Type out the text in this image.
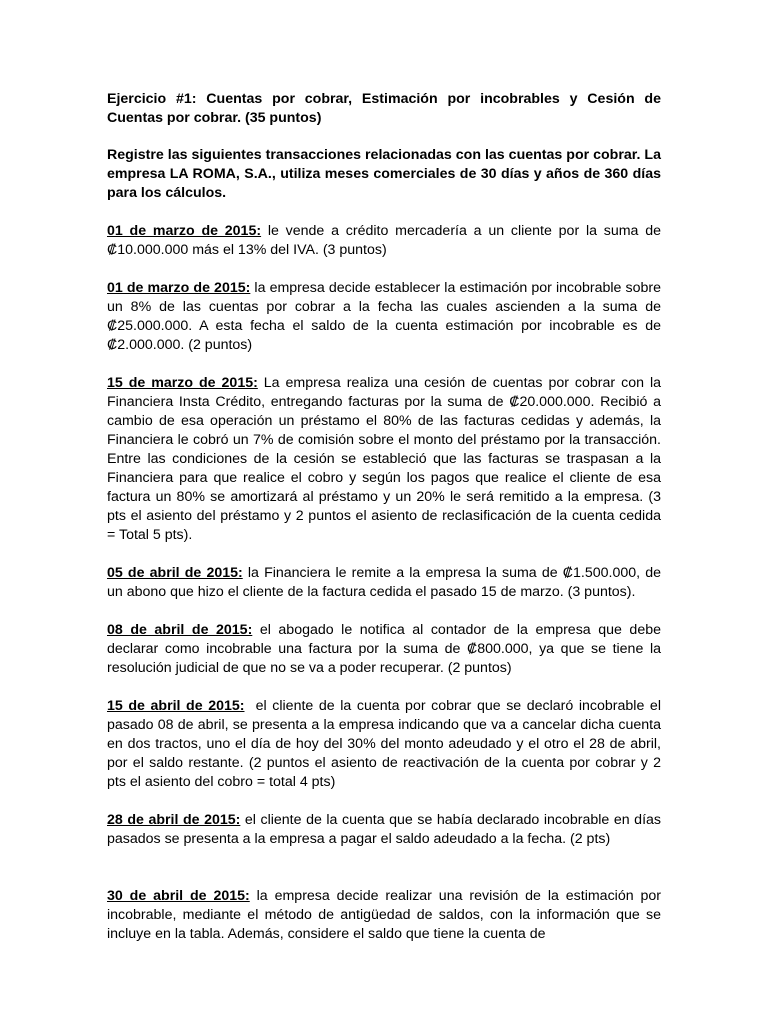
Ejercicio #1: Cuentas por cobrar, Estimación por incobrables y Cesión de Cuentas por cobrar. (35 puntos)

Registre las siguientes transacciones relacionadas con las cuentas por cobrar. La empresa LA ROMA, S.A., utiliza meses comerciales de 30 días y años de 360 días para los cálculos.

01 de marzo de 2015: le vende a crédito mercadería a un cliente por la suma de ₡10.000.000 más el 13% del IVA. (3 puntos)

01 de marzo de 2015: la empresa decide establecer la estimación por incobrable sobre un 8% de las cuentas por cobrar a la fecha las cuales ascienden a la suma de ₡25.000.000. A esta fecha el saldo de la cuenta estimación por incobrable es de ₡2.000.000. (2 puntos)

15 de marzo de 2015: La empresa realiza una cesión de cuentas por cobrar con la Financiera Insta Crédito, entregando facturas por la suma de ₡20.000.000. Recibió a cambio de esa operación un préstamo el 80% de las facturas cedidas y además, la Financiera le cobró un 7% de comisión sobre el monto del préstamo por la transacción. Entre las condiciones de la cesión se estableció que las facturas se traspasan a la Financiera para que realice el cobro y según los pagos que realice el cliente de esa factura un 80% se amortizará al préstamo y un 20% le será remitido a la empresa. (3 pts el asiento del préstamo y 2 puntos el asiento de reclasificación de la cuenta cedida = Total 5 pts).

05 de abril de 2015: la Financiera le remite a la empresa la suma de ₡1.500.000, de un abono que hizo el cliente de la factura cedida el pasado 15 de marzo. (3 puntos).

08 de abril de 2015: el abogado le notifica al contador de la empresa que debe declarar como incobrable una factura por la suma de ₡800.000, ya que se tiene la resolución judicial de que no se va a poder recuperar. (2 puntos)

15 de abril de 2015:  el cliente de la cuenta por cobrar que se declaró incobrable el pasado 08 de abril, se presenta a la empresa indicando que va a cancelar dicha cuenta en dos tractos, uno el día de hoy del 30% del monto adeudado y el otro el 28 de abril, por el saldo restante. (2 puntos el asiento de reactivación de la cuenta por cobrar y 2 pts el asiento del cobro = total 4 pts)

28 de abril de 2015: el cliente de la cuenta que se había declarado incobrable en días pasados se presenta a la empresa a pagar el saldo adeudado a la fecha. (2 pts)

30 de abril de 2015: la empresa decide realizar una revisión de la estimación por incobrable, mediante el método de antigüedad de saldos, con la información que se incluye en la tabla. Además, considere el saldo que tiene la cuenta de
